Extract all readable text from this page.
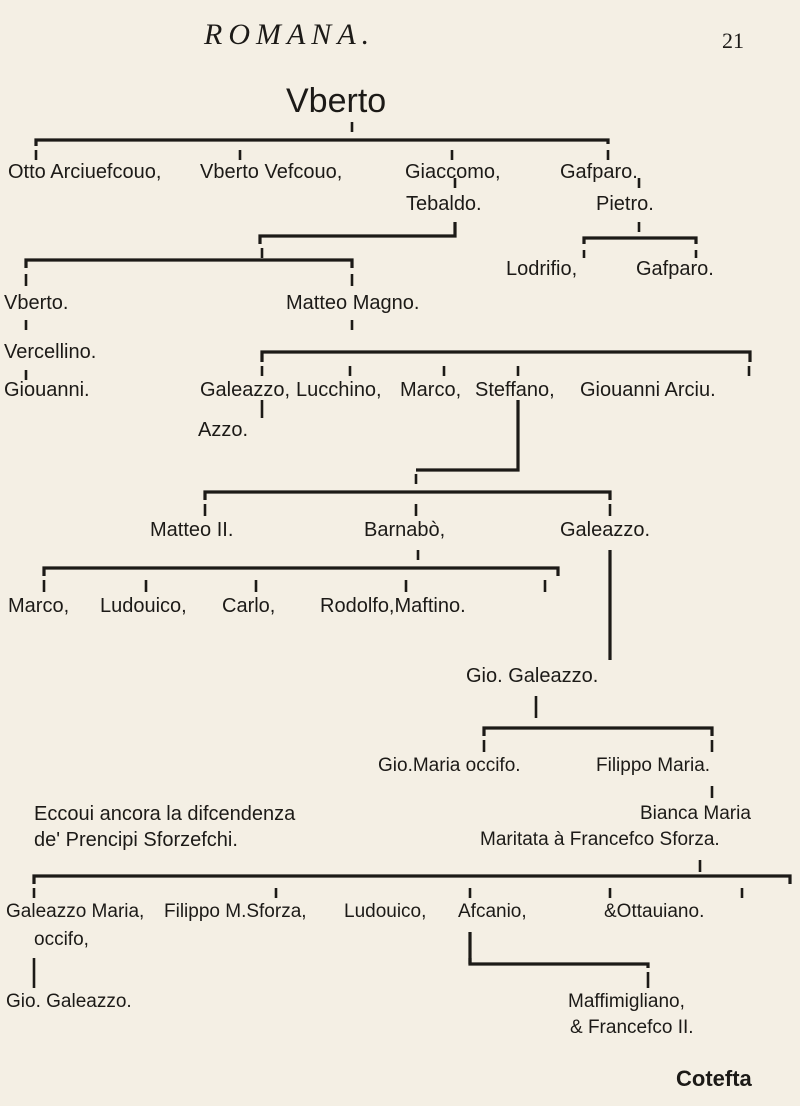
ROMANA.	21
Vberto
Otto Arciuefcouo, Vberto Vefcouo,	Giaccomo,	Gafparo.
Tebaldo.	Pietro.
Lodrifio,	Gafparo.
Vberto.	Matteo Magno.
Vercellino.
Giouanni.	Galeazzo, Lucchino, Marco, Steffano, Giouanni Arciu.
Azzo.
Matteo II.	Barnabò,	Galeazzo.
Marco, Ludouico, Carlo, Rodolfo,Maftino.
Gio. Galeazzo.
Gio.Maria occifo.	Filippo Maria.
Eccoui ancora la difcendenza
de' Prencipi Sforzefchi.
Bianca Maria
Maritata à Francefco Sforza.
Galeazzo Maria, Filippo M.Sforza, Ludouico, Afcanio,	&Ottauiano.
occifo,
Gio. Galeazzo.	Maffimigliano,
& Francefco II.
Cotefta
